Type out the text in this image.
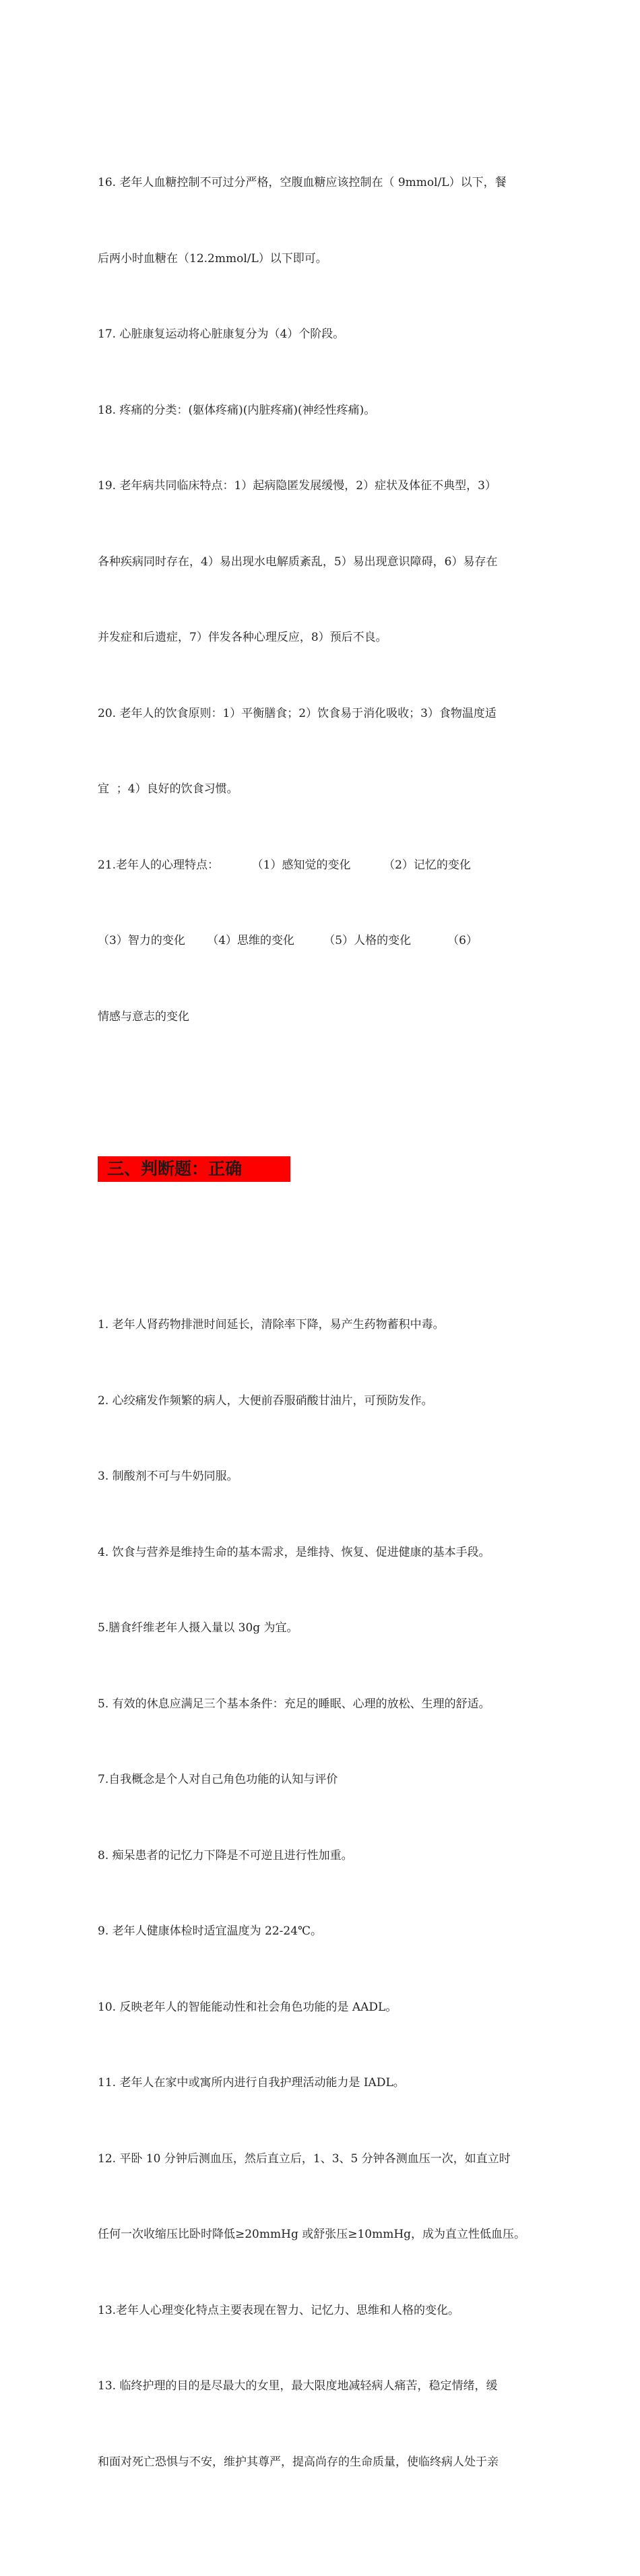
16. 老年人血糖控制不可过分严格，空腹血糖应该控制在（ 9mmol/L）以下，餐

后两小时血糖在（12.2mmol/L）以下即可。

17. 心脏康复运动将心脏康复分为（4）个阶段。

18. 疼痛的分类：(躯体疼痛)(内脏疼痛)(神经性疼痛)。

19. 老年病共同临床特点：1）起病隐匿发展缓慢，2）症状及体征不典型，3）

各种疾病同时存在，4）易出现水电解质紊乱，5）易出现意识障碍，6）易存在

并发症和后遗症，7）伴发各种心理反应，8）预后不良。

20. 老年人的饮食原则：1）平衡膳食；2）饮食易于消化吸收；3）食物温度适

宜  ；4）良好的饮食习惯。

21.老年人的心理特点：         （1）感知觉的变化         （2）记忆的变化

（3）智力的变化      （4）思维的变化        （5）人格的变化          （6）

情感与意志的变化

三、判断题：正确

1. 老年人肾药物排泄时间延长，清除率下降，易产生药物蓄积中毒。

2. 心绞痛发作频繁的病人，大便前吞服硝酸甘油片，可预防发作。

3. 制酸剂不可与牛奶同服。

4. 饮食与营养是维持生命的基本需求，是维持、恢复、促进健康的基本手段。

5.膳食纤维老年人摄入量以 30g 为宜。

5. 有效的休息应满足三个基本条件：充足的睡眠、心理的放松、生理的舒适。

7.自我概念是个人对自己角色功能的认知与评价

8. 痴呆患者的记忆力下降是不可逆且进行性加重。

9. 老年人健康体检时适宜温度为 22-24℃。

10. 反映老年人的智能能动性和社会角色功能的是 AADL。

11. 老年人在家中或寓所内进行自我护理活动能力是 IADL。

12. 平卧 10 分钟后测血压，然后直立后，1、3、5 分钟各测血压一次，如直立时

任何一次收缩压比卧时降低≥20mmHg 或舒张压≥10mmHg，成为直立性低血压。

13.老年人心理变化特点主要表现在智力、记忆力、思维和人格的变化。

13. 临终护理的目的是尽最大的女里，最大限度地减轻病人痛苦，稳定情绪，缓

和面对死亡恐惧与不安，维护其尊严，提高尚存的生命质量，使临终病人处于亲
